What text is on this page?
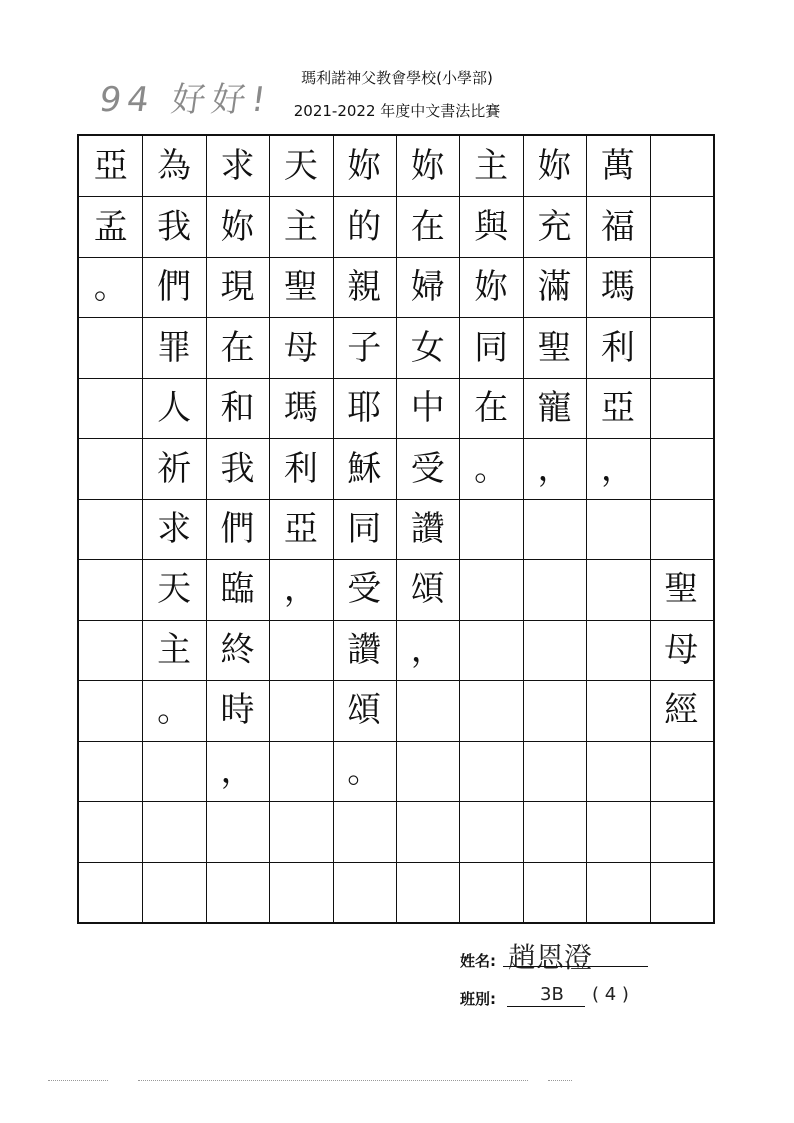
94 好好!
瑪利諾神父教會學校(小學部)
2021-2022 年度中文書法比賽
聖
母
經
萬
福
瑪
利
亞
，
妳
充
滿
聖
寵
，
主
與
妳
同
在
。
妳
在
婦
女
中
受
讚
頌
，
妳
的
親
子
耶
穌
同
受
讚
頌
。
天
主
聖
母
瑪
利
亞
，
求
妳
現
在
和
我
們
臨
終
時
，
為
我
們
罪
人
祈
求
天
主
。
亞
孟
。
姓名: 趙恩澄
班別: 3B ( 4 )
